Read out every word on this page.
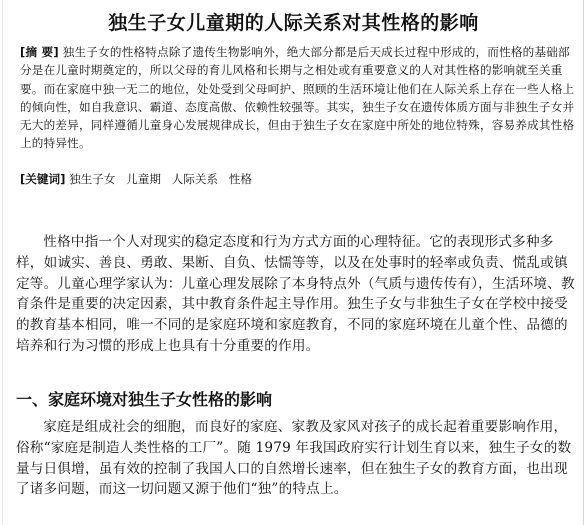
独生子女儿童期的人际关系对其性格的影响
[摘 要] 独生子女的性格特点除了遗传生物影响外，绝大部分都是后天成长过程中形成的，而性格的基础部分是在儿童时期奠定的，所以父母的育儿风格和长期与之相处或有重要意义的人对其性格的影响就至关重要。而在家庭中独一无二的地位，处处受到父母呵护、照顾的生活环境让他们在人际关系上存在一些人格上的倾向性，如自我意识、霸道、态度高傲、依赖性较强等。其实，独生子女在遗传体质方面与非独生子女并无大的差异，同样遵循儿童身心发展规律成长，但由于独生子女在家庭中所处的地位特殊，容易养成其性格上的特异性。
[关键词] 独生子女 儿童期 人际关系 性格
性格中指一个人对现实的稳定态度和行为方式方面的心理特征。它的表现形式多种多样，如诚实、善良、勇敢、果断、自负、怯懦等等，以及在处事时的轻率或负责、慌乱或镇定等。儿童心理学家认为：儿童心理发展除了本身特点外（气质与遗传传有），生活环境、教育条件是重要的决定因素，其中教育条件起主导作用。独生子女与非独生子女在学校中接受的教育基本相同，唯一不同的是家庭环境和家庭教育，不同的家庭环境在儿童个性、品德的培养和行为习惯的形成上也具有十分重要的作用。
一、家庭环境对独生子女性格的影响
家庭是组成社会的细胞，而良好的家庭、家教及家风对孩子的成长起着重要影响作用，俗称“家庭是制造人类性格的工厂”。随 1979 年我国政府实行计划生育以来，独生子女的数量与日俱增，虽有效的控制了我国人口的自然增长速率，但在独生子女的教育方面，也出现了诸多问题，而这一切问题又源于他们“独”的特点上。
